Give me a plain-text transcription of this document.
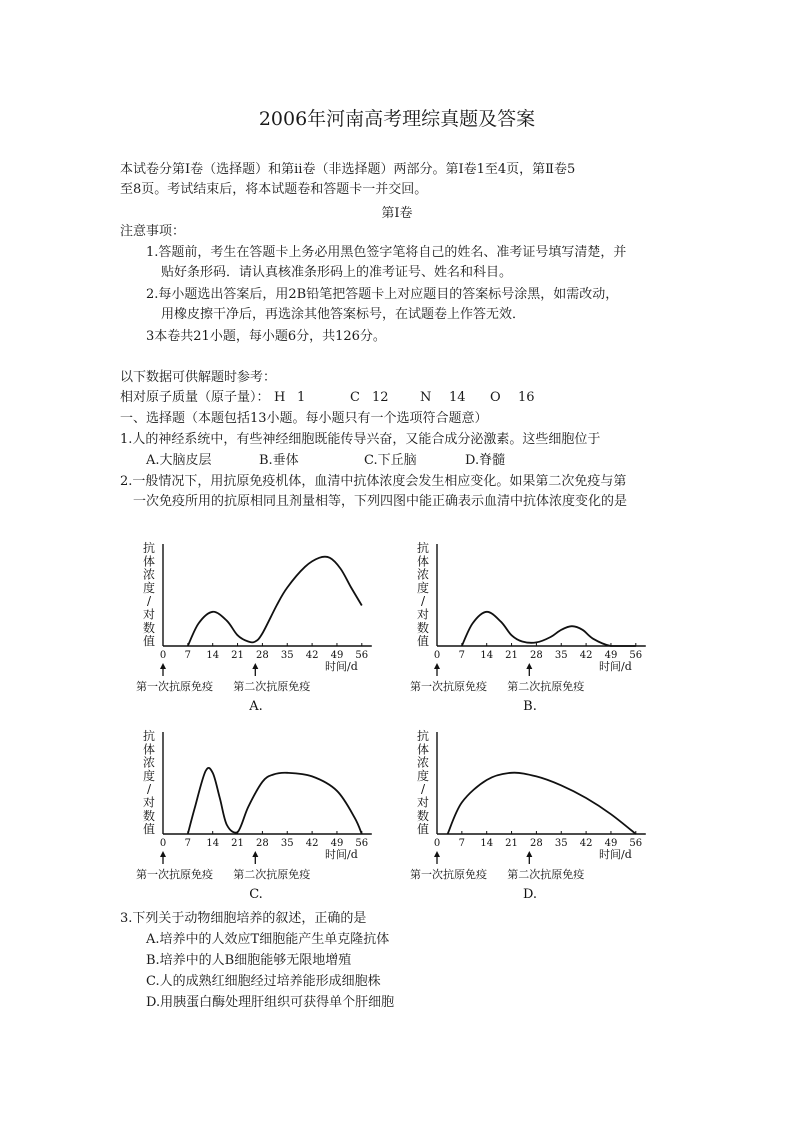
2006年河南高考理综真题及答案
本试卷分第Ⅰ卷（选择题）和第ⅱ卷（非选择题）两部分。第Ⅰ卷1至4页，第Ⅱ卷5
至8页。考试结束后，将本试题卷和答题卡一并交回。
第Ⅰ卷
注意事项：
1.答题前，考生在答题卡上务必用黑色签字笔将自己的姓名、准考证号填写清楚，并
贴好条形码．请认真核准条形码上的准考证号、姓名和科目。
2.每小题选出答案后，用2B铅笔把答题卡上对应题目的答案标号涂黑，如需改动，
用橡皮擦干净后，再选涂其他答案标号，在试题卷上作答无效．
3本卷共21小题，每小题6分，共126分。
以下数据可供解题时参考：
相对原子质量（原子量）： H 1	C 12 N 14 O 16
一、选择题（本题包括13小题。每小题只有一个选项符合题意）
1.人的神经系统中，有些神经细胞既能传导兴奋，又能合成分泌激素。这些细胞位于
A.大脑皮层	B.垂体	C.下丘脑	D.脊髓
2.一般情况下，用抗原免疫机体，血清中抗体浓度会发生相应变化。如果第二次免疫与第
一次免疫所用的抗原相同且剂量相等，下列四图中能正确表示血清中抗体浓度变化的是
抗体浓度/对数值
时间/d
第一次抗原免疫 第二次抗原免疫
A.
0 7 14 21 28 35 42 49 56
抗体浓度/对数值
时间/d
第一次抗原免疫 第二次抗原免疫
B.
0 7 14 21 28 35 42 49 56
抗体浓度/对数值
时间/d
第一次抗原免疫 第二次抗原免疫
C.
0 7 14 21 28 35 42 49 56
抗体浓度/对数值
时间/d
第一次抗原免疫 第二次抗原免疫
D.
0 7 14 21 28 35 42 49 56
3.下列关于动物细胞培养的叙述，正确的是
A.培养中的人效应T细胞能产生单克隆抗体
B.培养中的人B细胞能够无限地增殖
C.人的成熟红细胞经过培养能形成细胞株
D.用胰蛋白酶处理肝组织可获得单个肝细胞
